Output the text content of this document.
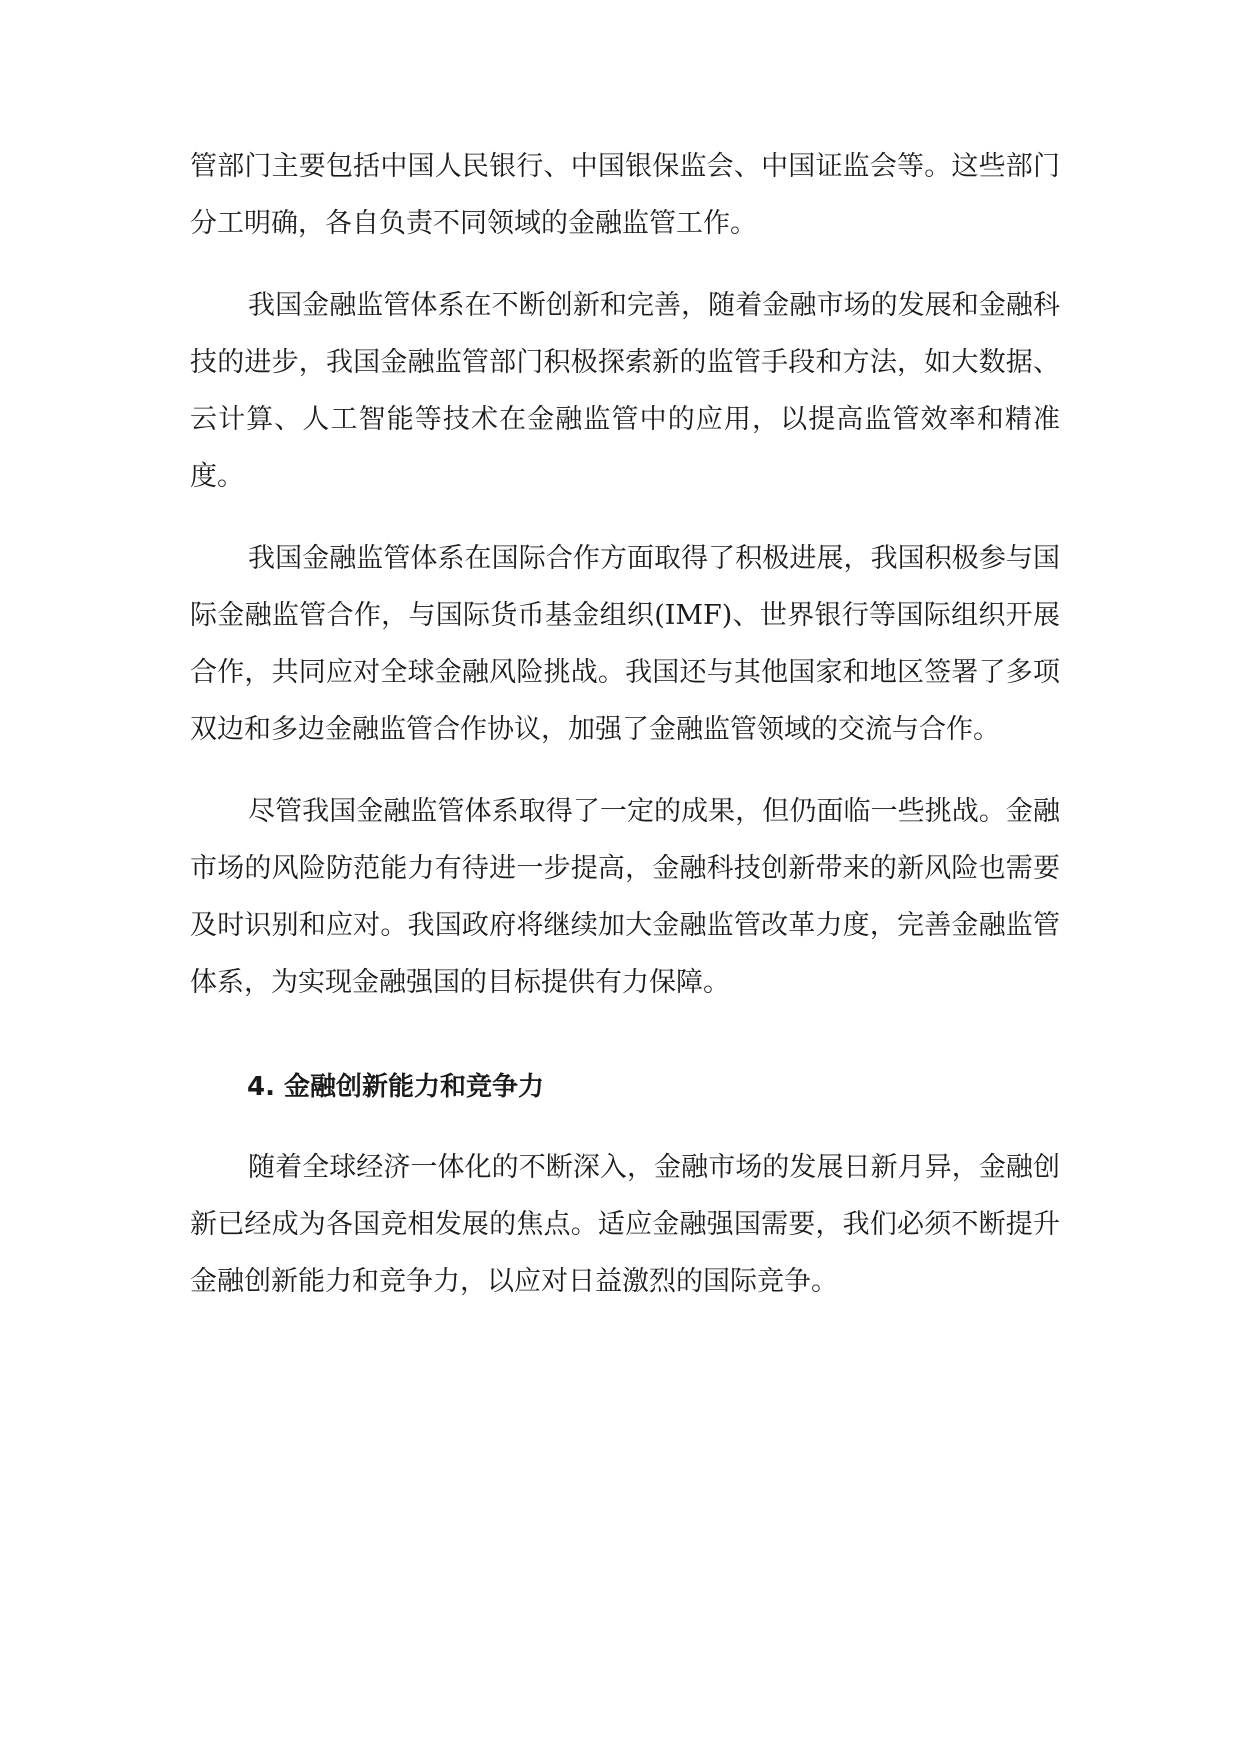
管部门主要包括中国人民银行、中国银保监会、中国证监会等。这些部门分工明确，各自负责不同领域的金融监管工作。

我国金融监管体系在不断创新和完善，随着金融市场的发展和金融科技的进步，我国金融监管部门积极探索新的监管手段和方法，如大数据、云计算、人工智能等技术在金融监管中的应用，以提高监管效率和精准度。

我国金融监管体系在国际合作方面取得了积极进展，我国积极参与国际金融监管合作，与国际货币基金组织(IMF)、世界银行等国际组织开展合作，共同应对全球金融风险挑战。我国还与其他国家和地区签署了多项双边和多边金融监管合作协议，加强了金融监管领域的交流与合作。

尽管我国金融监管体系取得了一定的成果，但仍面临一些挑战。金融市场的风险防范能力有待进一步提高，金融科技创新带来的新风险也需要及时识别和应对。我国政府将继续加大金融监管改革力度，完善金融监管体系，为实现金融强国的目标提供有力保障。

4. 金融创新能力和竞争力

随着全球经济一体化的不断深入，金融市场的发展日新月异，金融创新已经成为各国竞相发展的焦点。适应金融强国需要，我们必须不断提升金融创新能力和竞争力，以应对日益激烈的国际竞争。
